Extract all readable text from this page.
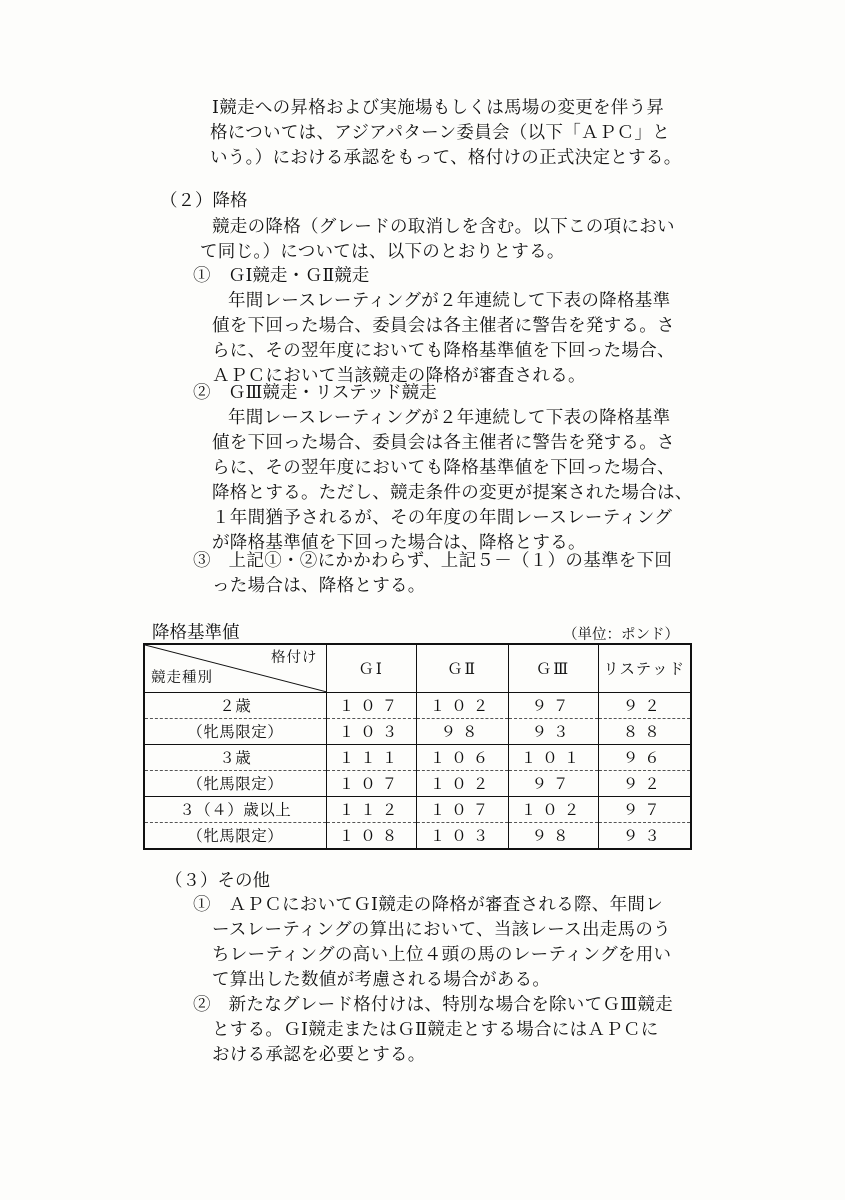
Ⅰ競走への昇格および実施場もしくは馬場の変更を伴う昇
格については、アジアパターン委員会（以下「ＡＰＣ」と
いう。）における承認をもって、格付けの正式決定とする。
（２）降格
競走の降格（グレードの取消しを含む。以下この項におい
て同じ。）については、以下のとおりとする。
①　ＧⅠ競走・ＧⅡ競走
年間レースレーティングが２年連続して下表の降格基準
値を下回った場合、委員会は各主催者に警告を発する。さ
らに、その翌年度においても降格基準値を下回った場合、
ＡＰＣにおいて当該競走の降格が審査される。
②　ＧⅢ競走・リステッド競走
年間レースレーティングが２年連続して下表の降格基準
値を下回った場合、委員会は各主催者に警告を発する。さ
らに、その翌年度においても降格基準値を下回った場合、
降格とする。ただし、競走条件の変更が提案された場合は、
１年間猶予されるが、その年度の年間レースレーティング
が降格基準値を下回った場合は、降格とする。
③　上記①・②にかかわらず、上記５－（１）の基準を下回
った場合は、降格とする。
降格基準値	（単位：ポンド）
格付け
競走種別	ＧⅠ	ＧⅡ	ＧⅢ	リステッド
２歳	１０７	１０２	９７	９２
（牝馬限定）	１０３	９８	９３	８８
３歳	１１１	１０６	１０１	９６
（牝馬限定）	１０７	１０２	９７	９２
３（４）歳以上	１１２	１０７	１０２	９７
（牝馬限定）	１０８	１０３	９８	９３
（３）その他
①　ＡＰＣにおいてＧⅠ競走の降格が審査される際、年間レ
ースレーティングの算出において、当該レース出走馬のう
ちレーティングの高い上位４頭の馬のレーティングを用い
て算出した数値が考慮される場合がある。
②　新たなグレード格付けは、特別な場合を除いてＧⅢ競走
とする。ＧⅠ競走またはＧⅡ競走とする場合にはＡＰＣに
おける承認を必要とする。
